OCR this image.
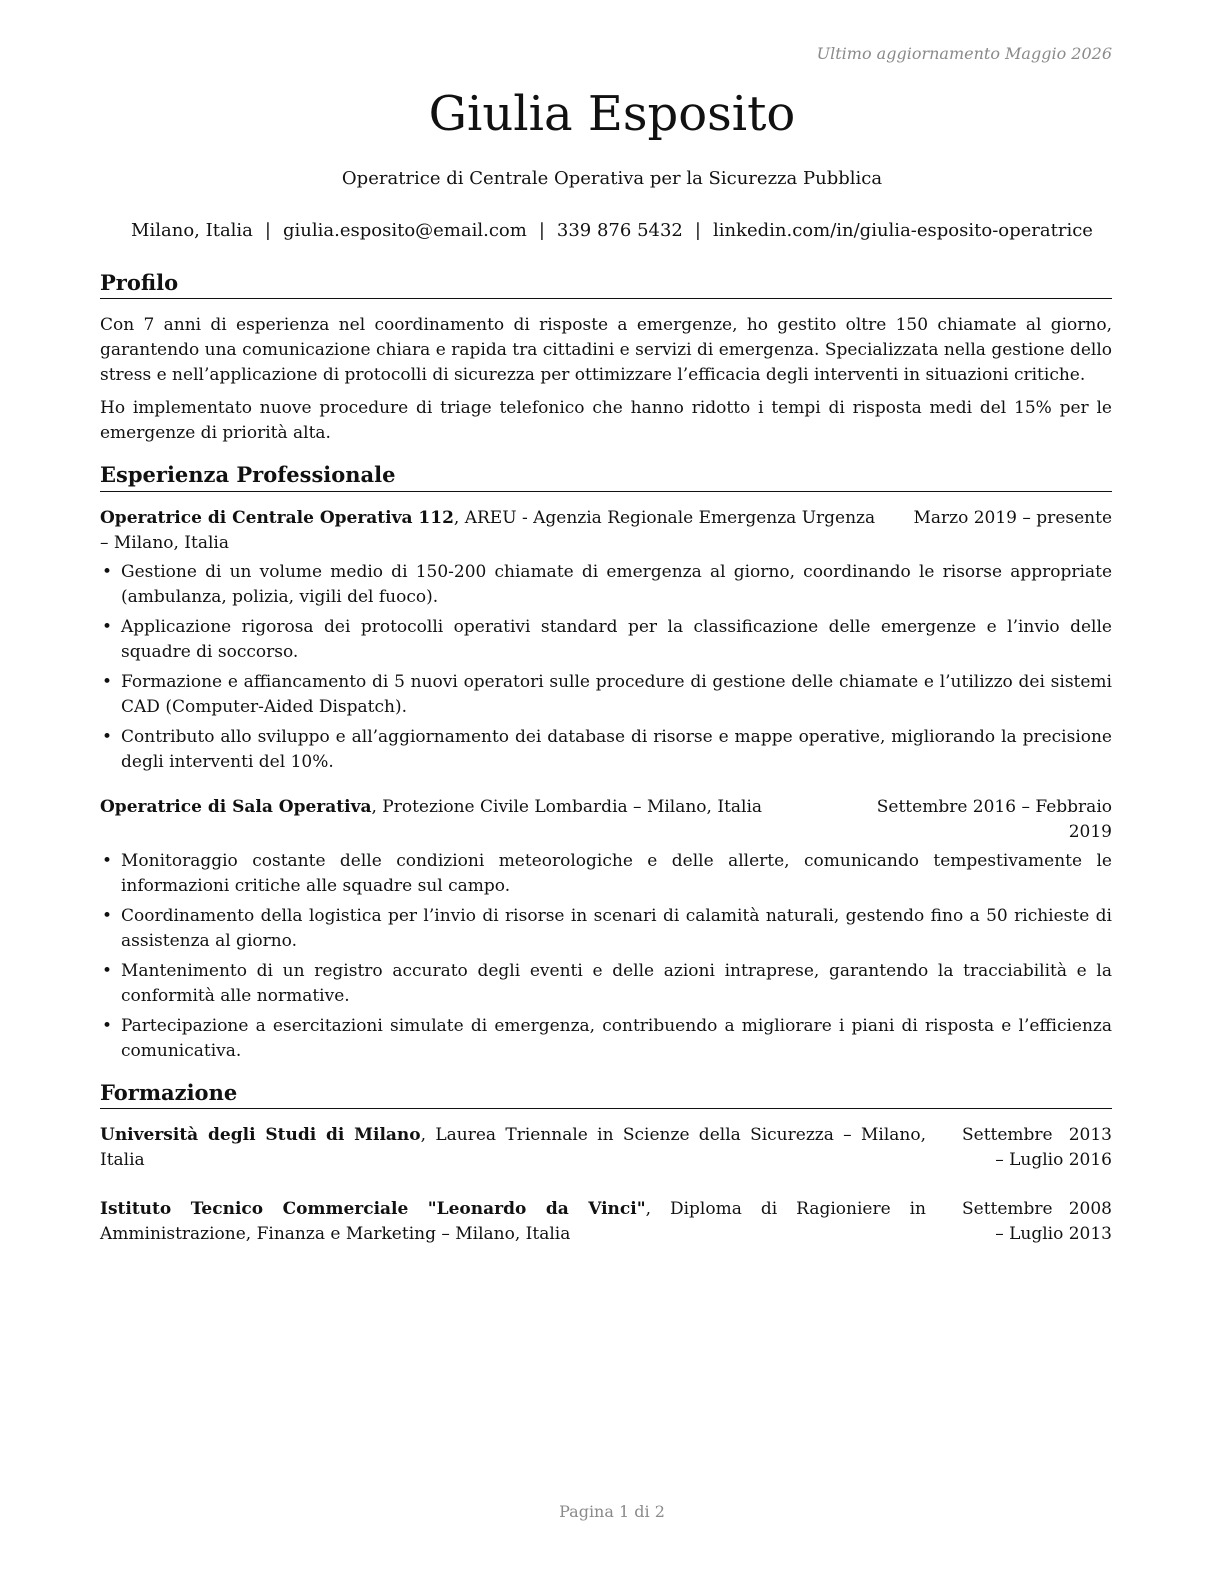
Ultimo aggiornamento Maggio 2026
Giulia Esposito
Operatrice di Centrale Operativa per la Sicurezza Pubblica
Milano, Italia | giulia.esposito@email.com | 339 876 5432 | linkedin.com/in/giulia-esposito-operatrice
Profilo

Con 7 anni di esperienza nel coordinamento di risposte a emergenze, ho gestito oltre 150 chiamate al giorno, garantendo una comunicazione chiara e rapida tra cittadini e servizi di emergenza. Specializzata nella gestione dello stress e nell’applicazione di protocolli di sicurezza per ottimizzare l’efficacia degli interventi in situazioni critiche.

Ho implementato nuove procedure di triage telefonico che hanno ridotto i tempi di risposta medi del 15% per le emergenze di priorità alta.

Esperienza Professionale
Operatrice di Centrale Operativa 112, AREU - Agenzia Regionale Emergenza Urgenza – Milano, Italia
Marzo 2019 – presente
• Gestione di un volume medio di 150-200 chiamate di emergenza al giorno, coordinando le risorse appropriate (ambulanza, polizia, vigili del fuoco).
• Applicazione rigorosa dei protocolli operativi standard per la classificazione delle emergenze e l’invio delle squadre di soccorso.
• Formazione e affiancamento di 5 nuovi operatori sulle procedure di gestione delle chiamate e l’utilizzo dei sistemi CAD (Computer-Aided Dispatch).
• Contributo allo sviluppo e all’aggiornamento dei database di risorse e mappe operative, migliorando la precisione degli interventi del 10%.
Operatrice di Sala Operativa, Protezione Civile Lombardia – Milano, Italia	Settembre 2016 – Febbraio 2019
• Monitoraggio costante delle condizioni meteorologiche e delle allerte, comunicando tempestivamente le informazioni critiche alle squadre sul campo.
• Coordinamento della logistica per l’invio di risorse in scenari di calamità naturali, gestendo fino a 50 richieste di assistenza al giorno.
• Mantenimento di un registro accurato degli eventi e delle azioni intraprese, garantendo la tracciabilità e la conformità alle normative.
• Partecipazione a esercitazioni simulate di emergenza, contribuendo a migliorare i piani di risposta e l’efficienza comunicativa.
Formazione
Università degli Studi di Milano, Laurea Triennale in Scienze della Sicurezza – Milano, Italia
Settembre 2013 – Luglio 2016
Istituto Tecnico Commerciale "Leonardo da Vinci", Diploma di Ragioniere in Amministrazione, Finanza e Marketing – Milano, Italia
Settembre 2008 – Luglio 2013
Pagina 1 di 2
